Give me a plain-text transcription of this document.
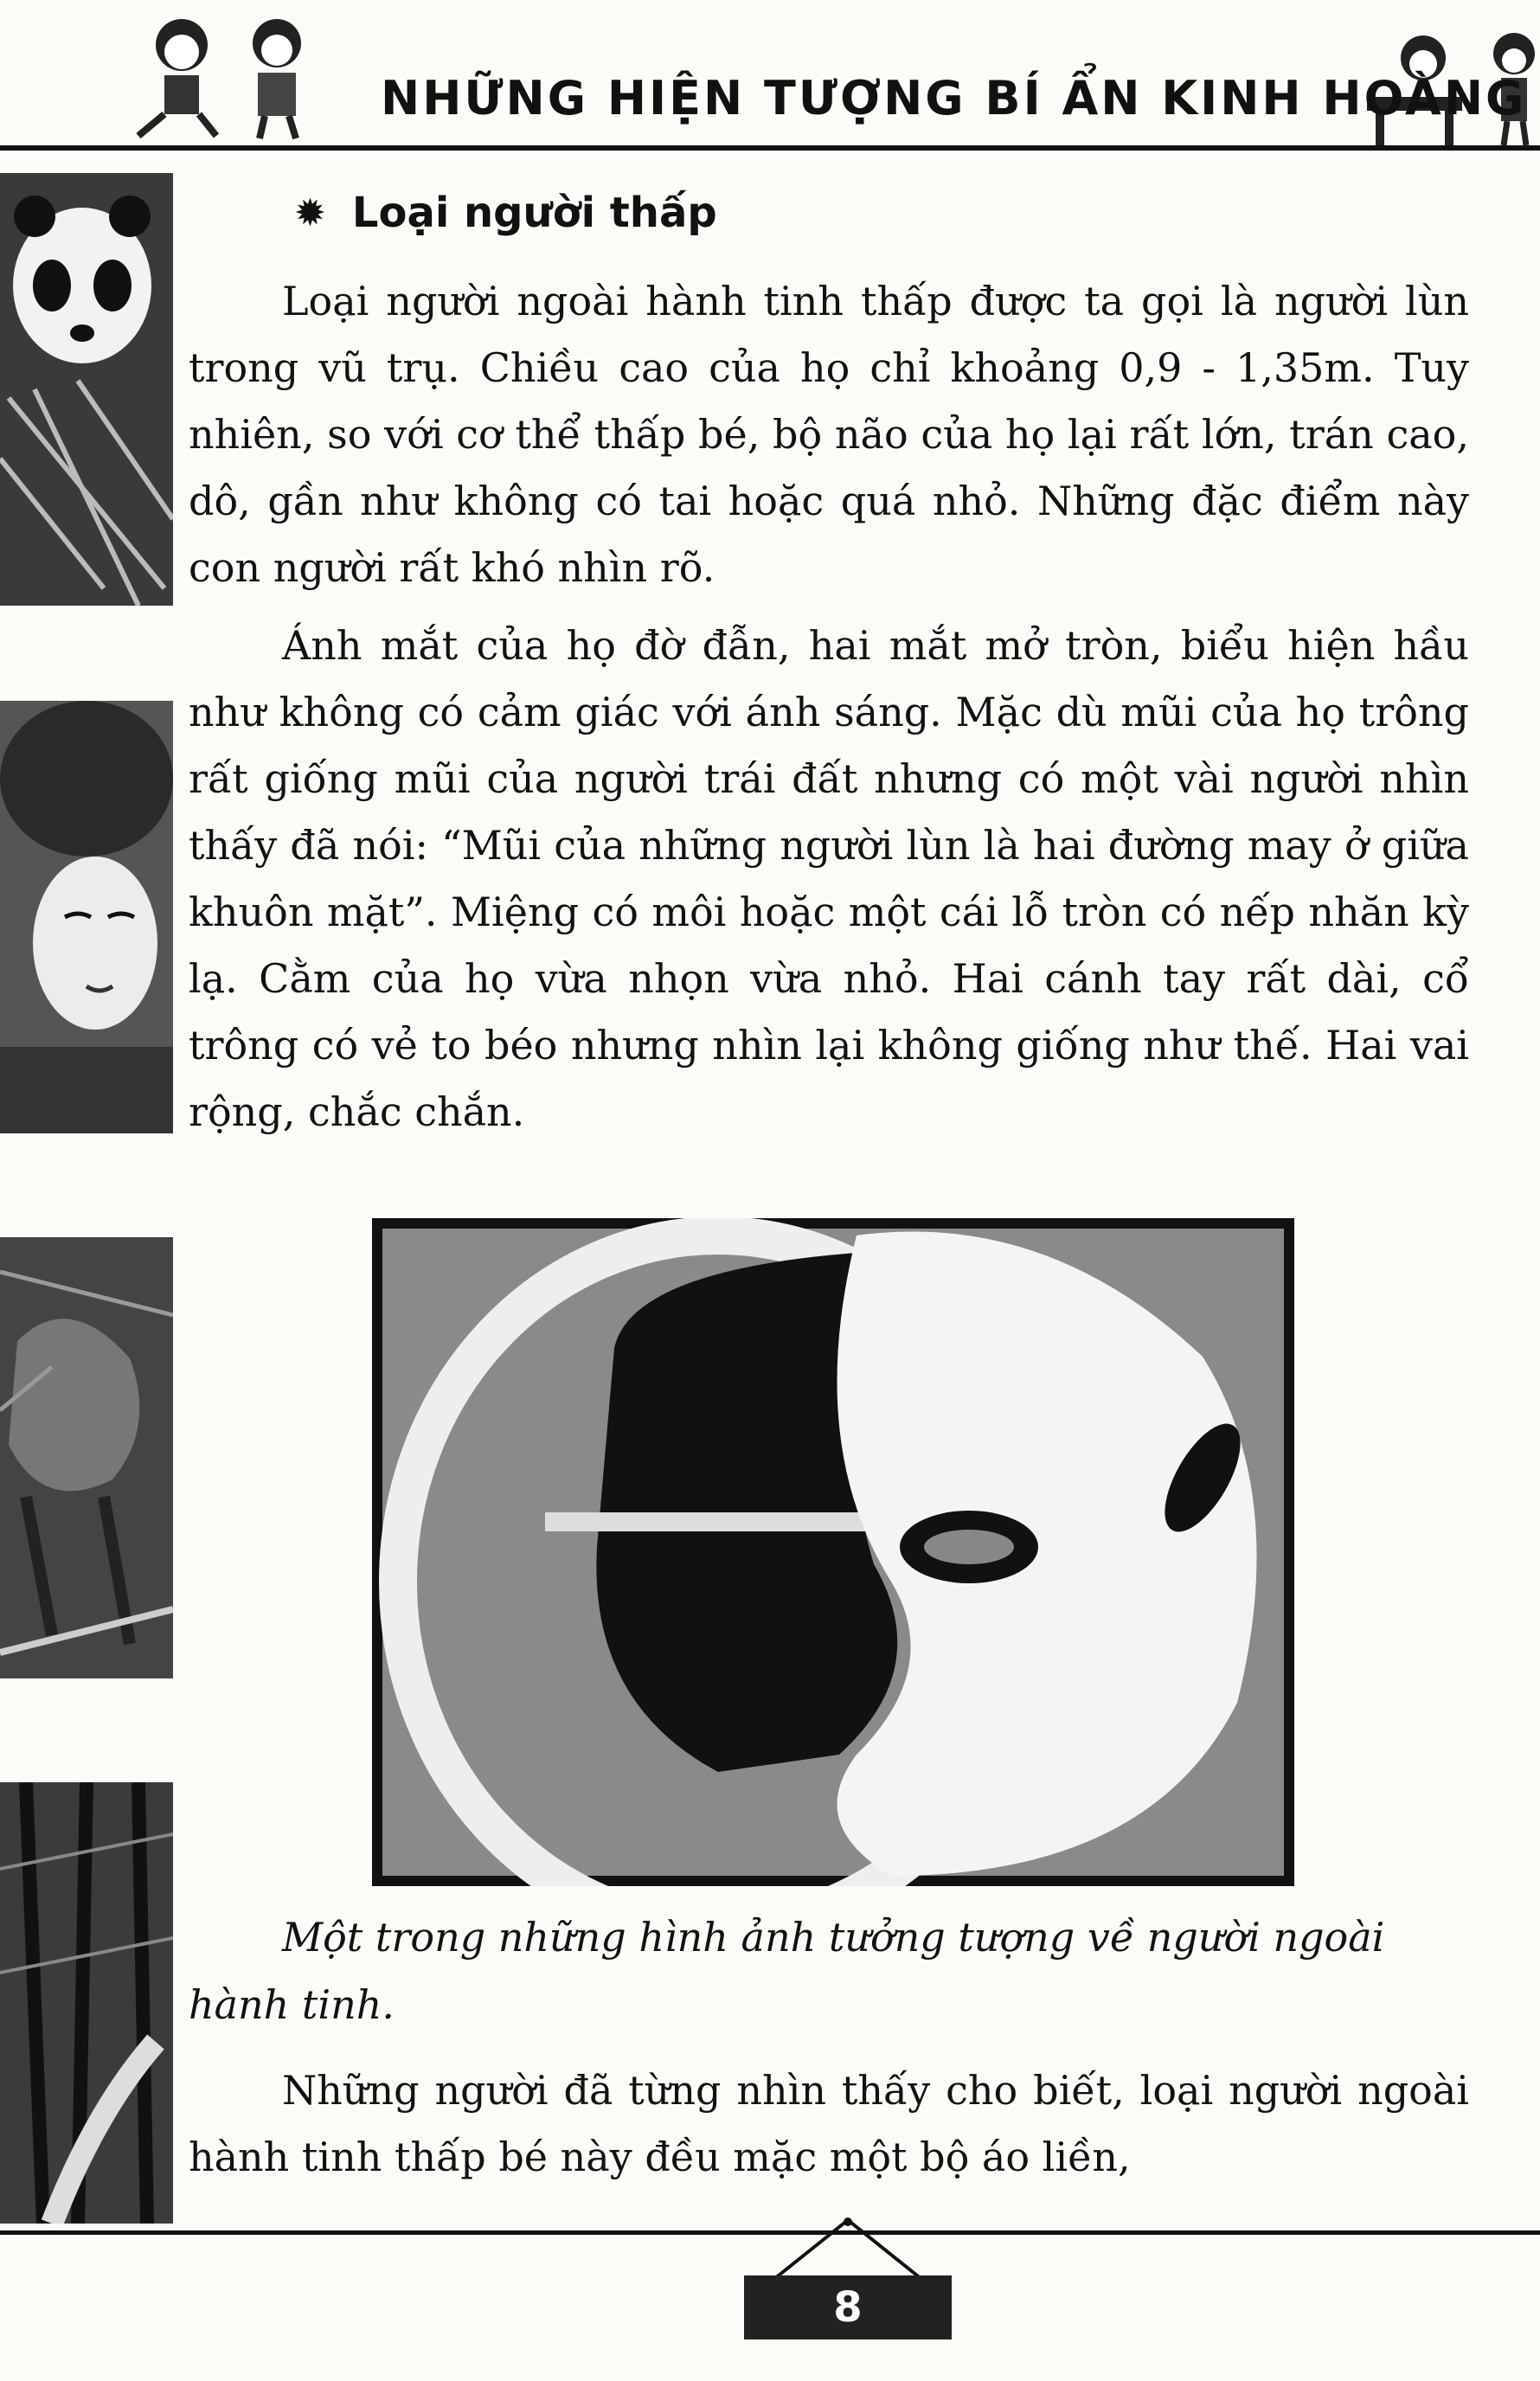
NHỮNG HIỆN TƯỢNG BÍ ẨN KINH HOÀNG
✹ Loại người thấp

Loại người ngoài hành tinh thấp được ta gọi là người lùn trong vũ trụ. Chiều cao của họ chỉ khoảng 0,9 - 1,35m. Tuy nhiên, so với cơ thể thấp bé, bộ não của họ lại rất lớn, trán cao, dô, gần như không có tai hoặc quá nhỏ. Những đặc điểm này con người rất khó nhìn rõ.

Ánh mắt của họ đờ đẫn, hai mắt mở tròn, biểu hiện hầu như không có cảm giác với ánh sáng. Mặc dù mũi của họ trông rất giống mũi của người trái đất nhưng có một vài người nhìn thấy đã nói: “Mũi của những người lùn là hai đường may ở giữa khuôn mặt”. Miệng có môi hoặc một cái lỗ tròn có nếp nhăn kỳ lạ. Cằm của họ vừa nhọn vừa nhỏ. Hai cánh tay rất dài, cổ trông có vẻ to béo nhưng nhìn lại không giống như thế. Hai vai rộng, chắc chắn.

Một trong những hình ảnh tưởng tượng về người ngoài hành tinh.

Những người đã từng nhìn thấy cho biết, loại người ngoài hành tinh thấp bé này đều mặc một bộ áo liền,

8
